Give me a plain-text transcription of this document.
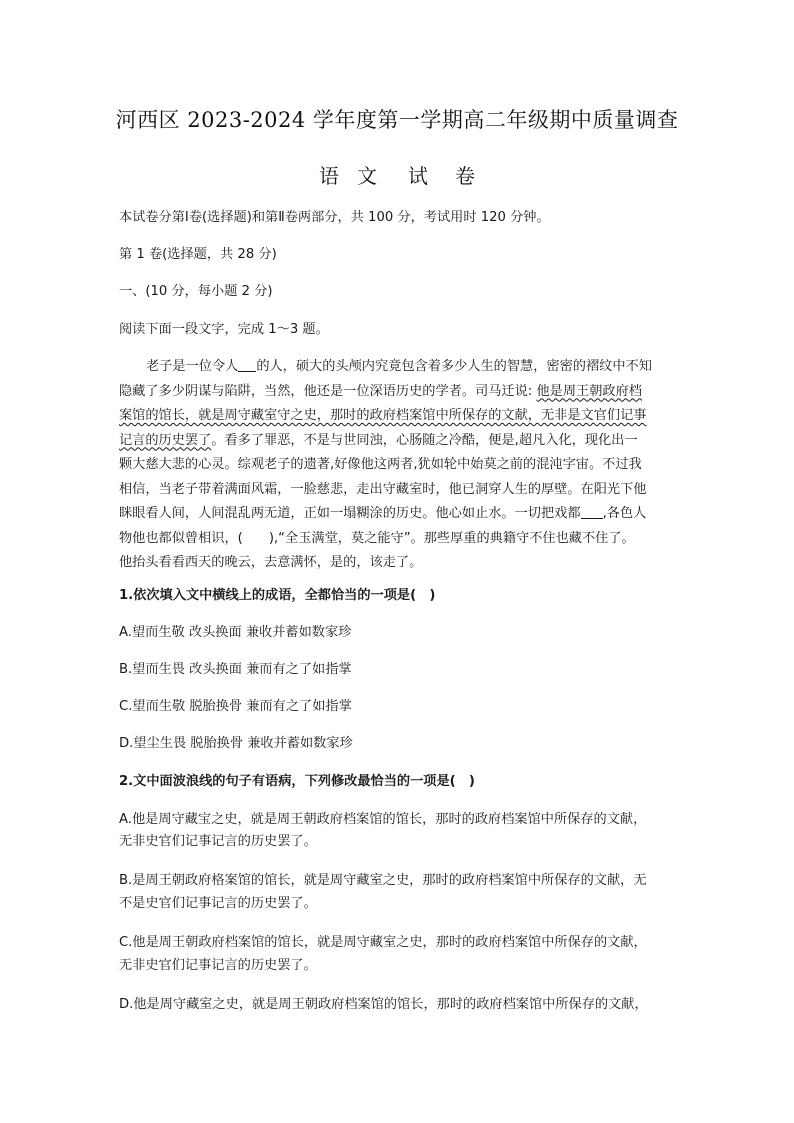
河西区 2023-2024 学年度第一学期高二年级期中质量调查
语 文 试 卷
本试卷分第Ⅰ卷(选择题)和第Ⅱ卷两部分，共 100 分，考试用时 120 分钟。
第 1 卷(选择题，共 28 分)
一、(10 分，每小题 2 分)
阅读下面一段文字，完成 1～3 题。
老子是一位令人 的人，硕大的头颅内究竟包含着多少人生的智慧，密密的褶纹中不知
隐藏了多少阴谋与陷阱，当然，他还是一位深语历史的学者。司马迁说: 他是周王朝政府档
案馆的馆长，就是周守藏室守之史，那时的政府档案馆中所保存的文献，无非是文官们记事
记言的历史罢了。看多了罪恶，不是与世同浊，心肠随之冷酷，便是,超凡入化，现化出一
颗大慈大悲的心灵。综观老子的遗著,好像他这两者,犹如轮中始莫之前的混沌字宙。不过我
相信，当老子带着满面风霜，一脸慈悲，走出守藏室时，他已洞穿人生的厚壁。在阳光下他
眯眼看人间，人间混乱两无道，正如一塌糊涂的历史。他心如止水。一切把戏都 ,各色人
物他也都似曾相识，( ),“全玉满堂，莫之能守”。那些厚重的典籍守不住也藏不住了。
他抬头看看西天的晚云，去意满怀，是的，该走了。
1.依次填入文中横线上的成语，全都恰当的一项是(　)
A.望而生敬 改头换面 兼收并蓄如数家珍
B.望而生畏 改头换面 兼而有之了如指掌
C.望而生敬 脱胎换骨 兼而有之了如指掌
D.望尘生畏 脱胎换骨 兼收并蓄如数家珍
2.文中面波浪线的句子有语病，下列修改最恰当的一项是(　)
A.他是周守藏宝之史，就是周王朝政府档案馆的馆长，那时的政府档案馆中所保存的文献，
无非史官们记事记言的历史罢了。
B.是周王朝政府格案馆的馆长，就是周守藏室之史，那时的政府档案馆中所保存的文献，无
不是史官们记事记言的历史罢了。
C.他是周王朝政府档案馆的馆长，就是周守藏室之史，那时的政府档案馆中所保存的文献，
无非史官们记事记言的历史罢了。
D.他是周守藏室之史，就是周王朝政府档案馆的馆长，那时的政府档案馆中所保存的文献，
